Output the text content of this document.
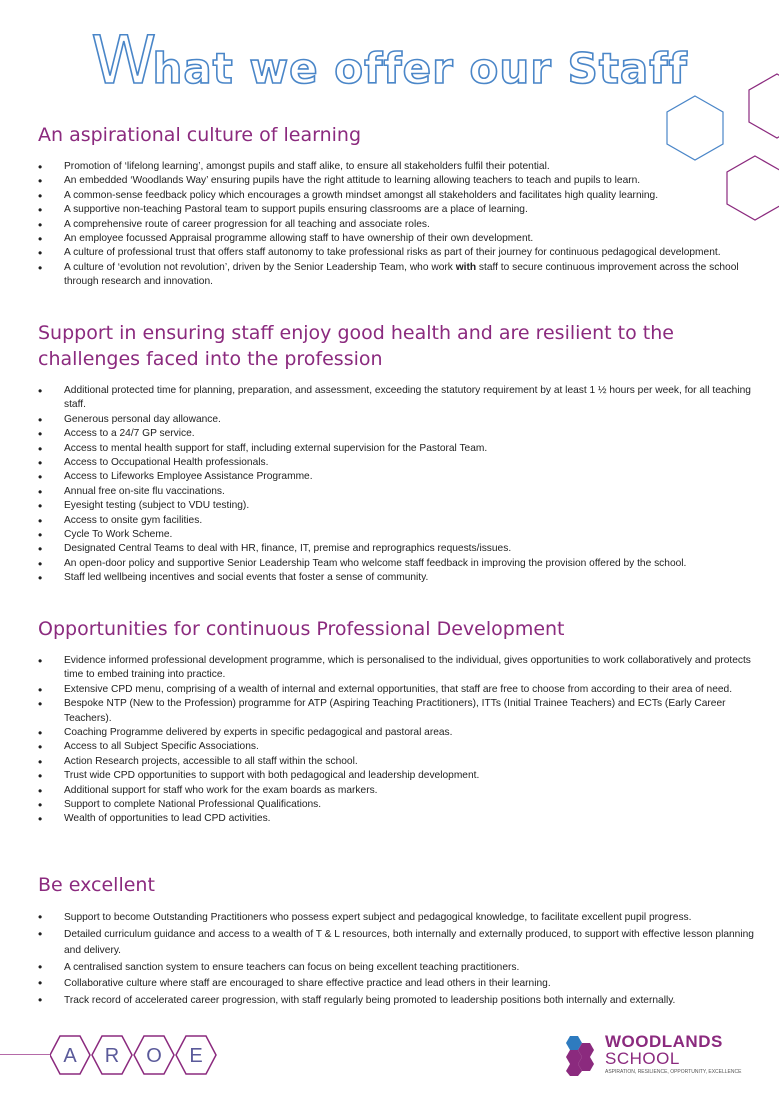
What we offer our Staff
An aspirational culture of learning
• Promotion of ‘lifelong learning’, amongst pupils and staff alike, to ensure all stakeholders fulfil their potential.
• An embedded ‘Woodlands Way’ ensuring pupils have the right attitude to learning allowing teachers to teach and pupils to learn.
• A common-sense feedback policy which encourages a growth mindset amongst all stakeholders and facilitates high quality learning.
• A supportive non-teaching Pastoral team to support pupils ensuring classrooms are a place of learning.
• A comprehensive route of career progression for all teaching and associate roles.
• An employee focussed Appraisal programme allowing staff to have ownership of their own development.
• A culture of professional trust that offers staff autonomy to take professional risks as part of their journey for continuous pedagogical development.
• A culture of ‘evolution not revolution’, driven by the Senior Leadership Team, who work with staff to secure continuous improvement across the school through research and innovation.
Support in ensuring staff enjoy good health and are resilient to the challenges faced into the profession
• Additional protected time for planning, preparation, and assessment, exceeding the statutory requirement by at least 1 ½ hours per week, for all teaching staff.
• Generous personal day allowance.
• Access to a 24/7 GP service.
• Access to mental health support for staff, including external supervision for the Pastoral Team.
• Access to Occupational Health professionals.
• Access to Lifeworks Employee Assistance Programme.
• Annual free on-site flu vaccinations.
• Eyesight testing (subject to VDU testing).
• Access to onsite gym facilities.
• Cycle To Work Scheme.
• Designated Central Teams to deal with HR, finance, IT, premise and reprographics requests/issues.
• An open-door policy and supportive Senior Leadership Team who welcome staff feedback in improving the provision offered by the school.
• Staff led wellbeing incentives and social events that foster a sense of community.
Opportunities for continuous Professional Development
• Evidence informed professional development programme, which is personalised to the individual, gives opportunities to work collaboratively and protects time to embed training into practice.
• Extensive CPD menu, comprising of a wealth of internal and external opportunities, that staff are free to choose from according to their area of need.
• Bespoke NTP (New to the Profession) programme for ATP (Aspiring Teaching Practitioners), ITTs (Initial Trainee Teachers) and ECTs (Early Career Teachers).
• Coaching Programme delivered by experts in specific pedagogical and pastoral areas.
• Access to all Subject Specific Associations.
• Action Research projects, accessible to all staff within the school.
• Trust wide CPD opportunities to support with both pedagogical and leadership development.
• Additional support for staff who work for the exam boards as markers.
• Support to complete National Professional Qualifications.
• Wealth of opportunities to lead CPD activities.
Be excellent
• Support to become Outstanding Practitioners who possess expert subject and pedagogical knowledge, to facilitate excellent pupil progress.
• Detailed curriculum guidance and access to a wealth of T & L resources, both internally and externally produced, to support with effective lesson planning and delivery.
• A centralised sanction system to ensure teachers can focus on being excellent teaching practitioners.
• Collaborative culture where staff are encouraged to share effective practice and lead others in their learning.
• Track record of accelerated career progression, with staff regularly being promoted to leadership positions both internally and externally.
A R O E
WOODLANDS
SCHOOL
ASPIRATION, RESILIENCE, OPPORTUNITY, EXCELLENCE
